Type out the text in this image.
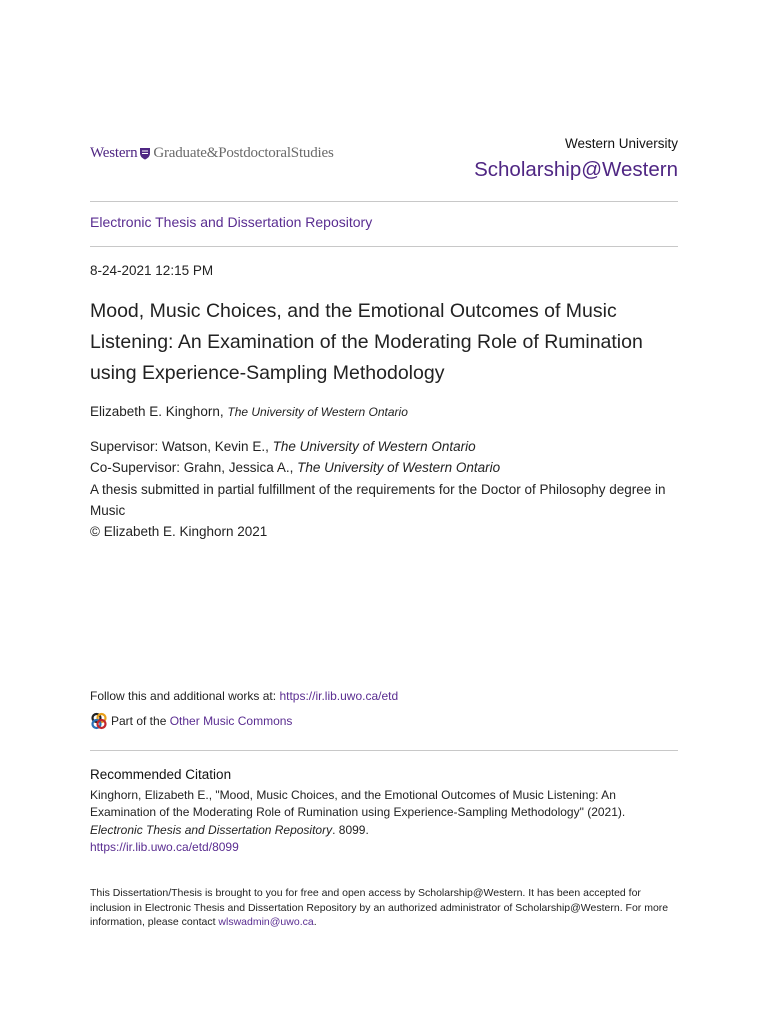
Western Graduate&PostdoctoralStudies
Western University
Scholarship@Western
Electronic Thesis and Dissertation Repository
8-24-2021 12:15 PM
Mood, Music Choices, and the Emotional Outcomes of Music Listening: An Examination of the Moderating Role of Rumination using Experience-Sampling Methodology
Elizabeth E. Kinghorn, The University of Western Ontario
Supervisor: Watson, Kevin E., The University of Western Ontario
Co-Supervisor: Grahn, Jessica A., The University of Western Ontario
A thesis submitted in partial fulfillment of the requirements for the Doctor of Philosophy degree in Music
© Elizabeth E. Kinghorn 2021
Follow this and additional works at: https://ir.lib.uwo.ca/etd
Part of the
Other Music Commons
Recommended Citation
Kinghorn, Elizabeth E., "Mood, Music Choices, and the Emotional Outcomes of Music Listening: An Examination of the Moderating Role of Rumination using Experience-Sampling Methodology" (2021).
Electronic Thesis and Dissertation Repository. 8099.
https://ir.lib.uwo.ca/etd/8099
This Dissertation/Thesis is brought to you for free and open access by Scholarship@Western. It has been accepted for inclusion in Electronic Thesis and Dissertation Repository by an authorized administrator of Scholarship@Western. For more information, please contact wlswadmin@uwo.ca.
